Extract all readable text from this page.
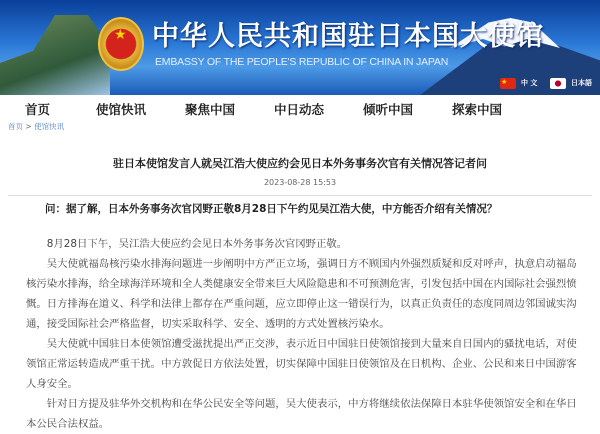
★
中华人民共和国驻日本国大使馆
EMBASSY OF THE PEOPLE'S REPUBLIC OF CHINA IN JAPAN
★
中 文	日本語
首页	使馆快讯	聚焦中国	中日动态	倾听中国	探索中国
首页 > 使馆快讯
驻日本使馆发言人就吴江浩大使应约会见日本外务事务次官有关情况答记者问
2023-08-28 15:53
问：据了解，日本外务事务次官冈野正敬8月28日下午约见吴江浩大使，中方能否介绍有关情况？

8月28日下午，吴江浩大使应约会见日本外务事务次官冈野正敬。

吴大使就福岛核污染水排海问题进一步阐明中方严正立场，强调日方不顾国内外强烈质疑和反对呼声，执意启动福岛核污染水排海，给全球海洋环境和全人类健康安全带来巨大风险隐患和不可预测危害，引发包括中国在内国际社会强烈愤慨。日方排海在道义、科学和法律上都存在严重问题，应立即停止这一错误行为，以真正负责任的态度同周边邻国诚实沟通，接受国际社会严格监督，切实采取科学、安全、透明的方式处置核污染水。

吴大使就中国驻日本使领馆遭受滋扰提出严正交涉，表示近日中国驻日使领馆接到大量来自日国内的骚扰电话，对使领馆正常运转造成严重干扰。中方敦促日方依法处置，切实保障中国驻日使领馆及在日机构、企业、公民和来日中国游客人身安全。

针对日方提及驻华外交机构和在华公民安全等问题，吴大使表示，中方将继续依法保障日本驻华使领馆安全和在华日本公民合法权益。
